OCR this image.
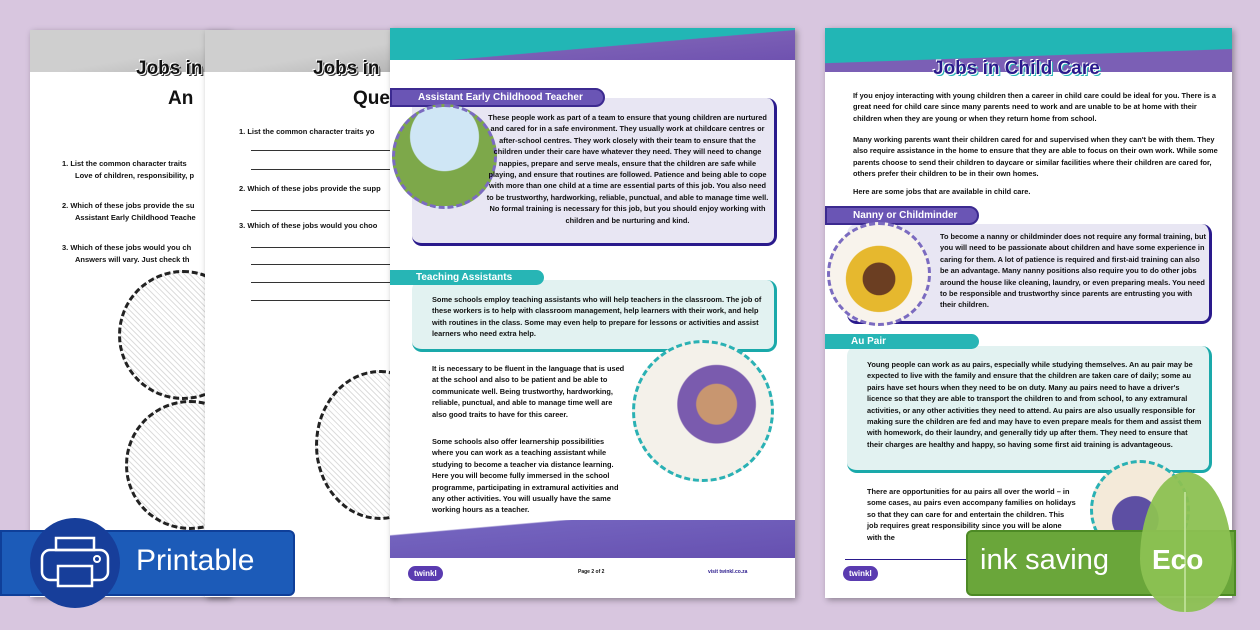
Jobs in
An
1. List the common character traits
Love of children, responsibility, p
2. Which of these jobs provide the su
Assistant Early Childhood Teache
3. Which of these jobs would you ch
Answers will vary. Just check th
Jobs in
Que
1. List the common character traits yo
2. Which of these jobs provide the supp
3. Which of these jobs would you choo
Jobs in Child Care
Assistant Early Childhood Teacher
These people work as part of a team to ensure that young children are nurtured and cared for in a safe environment. They usually work at childcare centres or after-school centres. They work closely with their team to ensure that the children under their care have whatever they need. They will need to change nappies, prepare and serve meals, ensure that the children are safe while playing, and ensure that routines are followed. Patience and being able to cope with more than one child at a time are essential parts of this job. You also need to be trustworthy, hardworking, reliable, punctual, and able to manage time well. No formal training is necessary for this job, but you should enjoy working with children and be nurturing and kind.
Teaching Assistants
Some schools employ teaching assistants who will help teachers in the classroom. The job of these workers is to help with classroom management, help learners with their work, and help with routines in the class. Some may even help to prepare for lessons or activities and assist learners who need extra help.
It is necessary to be fluent in the language that is used at the school and also to be patient and be able to communicate well. Being trustworthy, hardworking, reliable, punctual, and able to manage time well are also good traits to have for this career.
Some schools also offer learnership possibilities where you can work as a teaching assistant while studying to become a teacher via distance learning. Here you will become fully immersed in the school programme, participating in extramural activities and any other activities. You will usually have the same working hours as a teacher.
twinkl	Page 2 of 2	visit twinkl.co.za
Jobs in Child Care
If you enjoy interacting with young children then a career in child care could be ideal for you. There is a great need for child care since many parents need to work and are unable to be at home with their children when they are young or when they return home from school.
Many working parents want their children cared for and supervised when they can't be with them. They also require assistance in the home to ensure that they are able to focus on their own work. While some parents choose to send their children to daycare or similar facilities where their children are cared for, others prefer their children to be in their own homes.
Here are some jobs that are available in child care.
Nanny or Childminder
To become a nanny or childminder does not require any formal training, but you will need to be passionate about children and have some experience in caring for them. A lot of patience is required and first-aid training can also be an advantage. Many nanny positions also require you to do other jobs around the house like cleaning, laundry, or even preparing meals. You need to be responsible and trustworthy since parents are entrusting you with their children.
Au Pair
Young people can work as au pairs, especially while studying themselves. An au pair may be expected to live with the family and ensure that the children are taken care of daily; some au pairs have set hours when they need to be on duty. Many au pairs need to have a driver's licence so that they are able to transport the children to and from school, to any extramural activities, or any other activities they need to attend. Au pairs are also usually responsible for making sure the children are fed and may have to even prepare meals for them and assist them with homework, do their laundry, and generally tidy up after them. They need to ensure that their charges are healthy and happy, so having some first aid training is advantageous.
There are opportunities for au pairs all over the world – in some cases, au pairs even accompany families on holidays so that they can care for and entertain the children. This job requires great responsibility since you will be alone with the
twinkl
Printable	ink saving Eco
